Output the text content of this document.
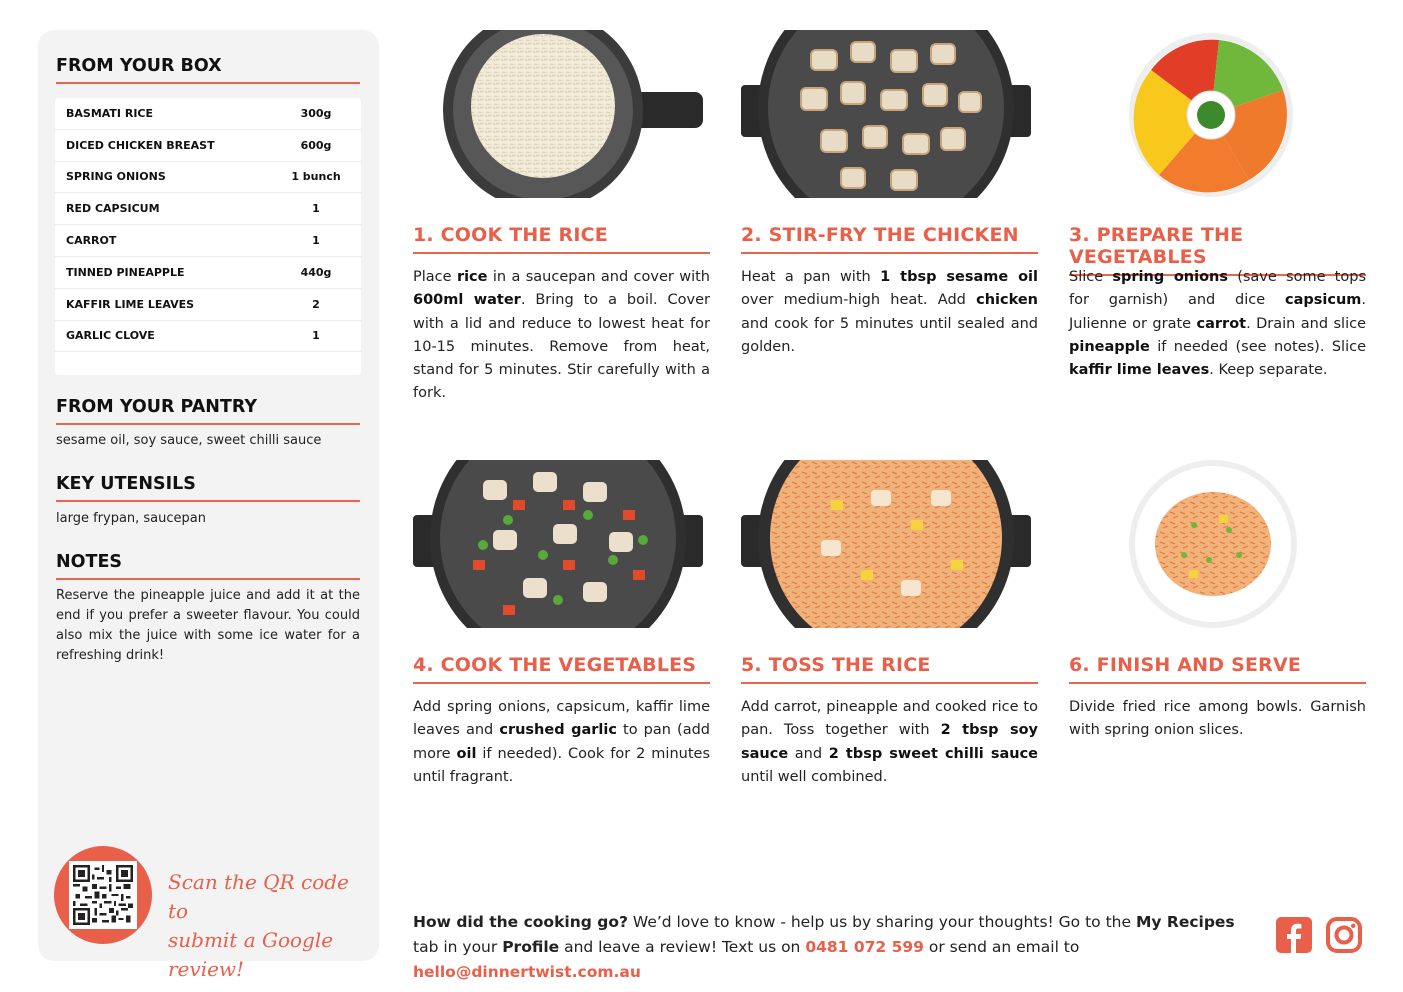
FROM YOUR BOX
BASMATI RICE	300g
DICED CHICKEN BREAST	600g
SPRING ONIONS	1 bunch
RED CAPSICUM	1
CARROT	1
TINNED PINEAPPLE	440g
KAFFIR LIME LEAVES	2
GARLIC CLOVE	1
FROM YOUR PANTRY
sesame oil, soy sauce, sweet chilli sauce
KEY UTENSILS
large frypan, saucepan
NOTES
Reserve the pineapple juice and add it at the end if you prefer a sweeter flavour. You could also mix the juice with some ice water for a refreshing drink!
Scan the QR code to
submit a Google review!
1. COOK THE RICE
Place rice in a saucepan and cover with 600ml water. Bring to a boil. Cover with a lid and reduce to lowest heat for 10-15 minutes. Remove from heat, stand for 5 minutes. Stir carefully with a fork.
2. STIR-FRY THE CHICKEN
Heat a pan with 1 tbsp sesame oil over medium-high heat. Add chicken and cook for 5 minutes until sealed and golden.
3. PREPARE THE VEGETABLES
Slice spring onions (save some tops for garnish) and dice capsicum. Julienne or grate carrot. Drain and slice pineapple if needed (see notes). Slice kaffir lime leaves. Keep separate.
4. COOK THE VEGETABLES
Add spring onions, capsicum, kaffir lime leaves and crushed garlic to pan (add more oil if needed). Cook for 2 minutes until fragrant.
5. TOSS THE RICE
Add carrot, pineapple and cooked rice to pan. Toss together with 2 tbsp soy sauce and 2 tbsp sweet chilli sauce until well combined.
6. FINISH AND SERVE
Divide fried rice among bowls. Garnish with spring onion slices.
How did the cooking go? We’d love to know - help us by sharing your thoughts! Go to the My Recipes tab in your Profile and leave a review! Text us on 0481 072 599 or send an email to hello@dinnertwist.com.au
